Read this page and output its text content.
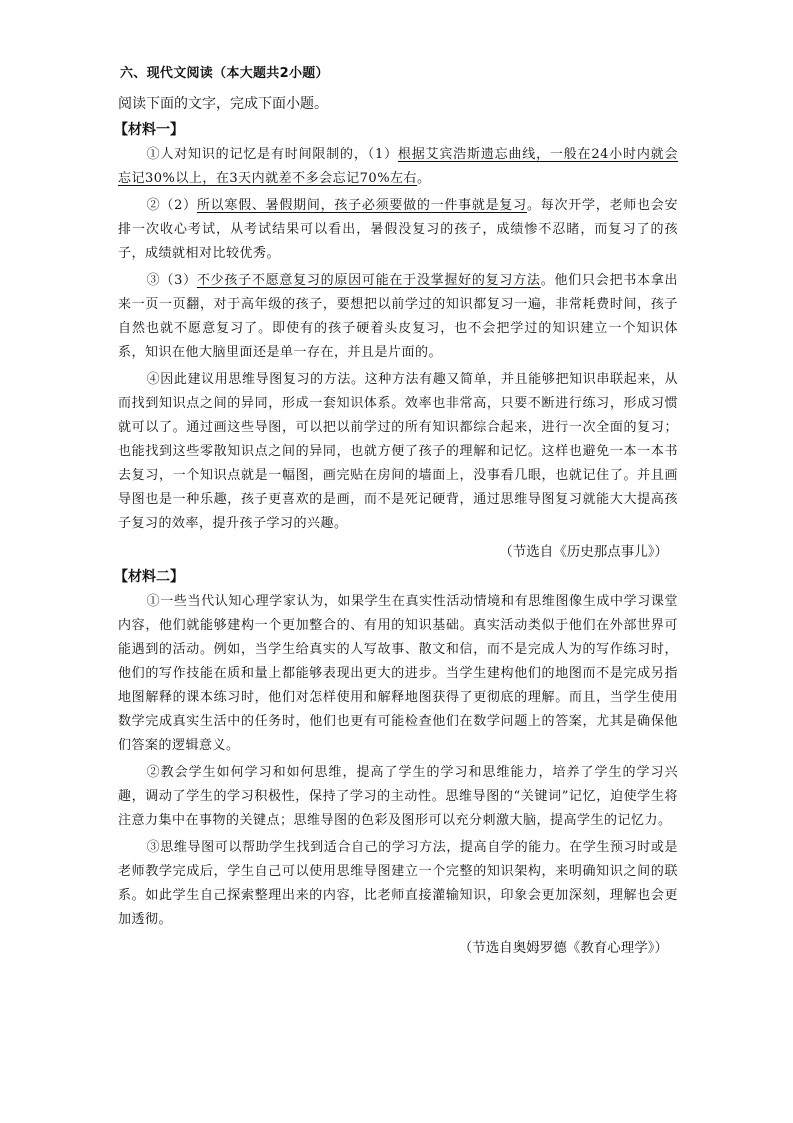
六、现代文阅读（本大题共2小题）
阅读下面的文字，完成下面小题。
【材料一】

①人对知识的记忆是有时间限制的，（1）根据艾宾浩斯遗忘曲线，一般在24小时内就会忘记30%以上，在3天内就差不多会忘记70%左右。

②（2）所以寒假、暑假期间，孩子必须要做的一件事就是复习。每次开学，老师也会安排一次收心考试，从考试结果可以看出，暑假没复习的孩子，成绩惨不忍睹，而复习了的孩子，成绩就相对比较优秀。

③（3）不少孩子不愿意复习的原因可能在于没掌握好的复习方法。他们只会把书本拿出来一页一页翻，对于高年级的孩子，要想把以前学过的知识都复习一遍，非常耗费时间，孩子自然也就不愿意复习了。即使有的孩子硬着头皮复习，也不会把学过的知识建立一个知识体系，知识在他大脑里面还是单一存在，并且是片面的。

④因此建议用思维导图复习的方法。这种方法有趣又简单，并且能够把知识串联起来，从而找到知识点之间的异同，形成一套知识体系。效率也非常高，只要不断进行练习，形成习惯就可以了。通过画这些导图，可以把以前学过的所有知识都综合起来，进行一次全面的复习；也能找到这些零散知识点之间的异同，也就方便了孩子的理解和记忆。这样也避免一本一本书去复习，一个知识点就是一幅图，画完贴在房间的墙面上，没事看几眼，也就记住了。并且画导图也是一种乐趣，孩子更喜欢的是画，而不是死记硬背，通过思维导图复习就能大大提高孩子复习的效率，提升孩子学习的兴趣。

（节选自《历史那点事儿》）
【材料二】

①一些当代认知心理学家认为，如果学生在真实性活动情境和有思维图像生成中学习课堂内容，他们就能够建构一个更加整合的、有用的知识基础。真实活动类似于他们在外部世界可能遇到的活动。例如，当学生给真实的人写故事、散文和信，而不是完成人为的写作练习时，他们的写作技能在质和量上都能够表现出更大的进步。当学生建构他们的地图而不是完成另指地图解释的课本练习时，他们对怎样使用和解释地图获得了更彻底的理解。而且，当学生使用数学完成真实生活中的任务时，他们也更有可能检查他们在数学问题上的答案，尤其是确保他们答案的逻辑意义。

②教会学生如何学习和如何思维，提高了学生的学习和思维能力，培养了学生的学习兴趣，调动了学生的学习积极性，保持了学习的主动性。思维导图的“关键词”记忆，迫使学生将注意力集中在事物的关键点；思维导图的色彩及图形可以充分刺激大脑，提高学生的记忆力。

③思维导图可以帮助学生找到适合自己的学习方法，提高自学的能力。在学生预习时或是老师教学完成后，学生自己可以使用思维导图建立一个完整的知识架构，来明确知识之间的联系。如此学生自己探索整理出来的内容，比老师直接灌输知识，印象会更加深刻，理解也会更加透彻。

（节选自奥姆罗德《教育心理学》）
